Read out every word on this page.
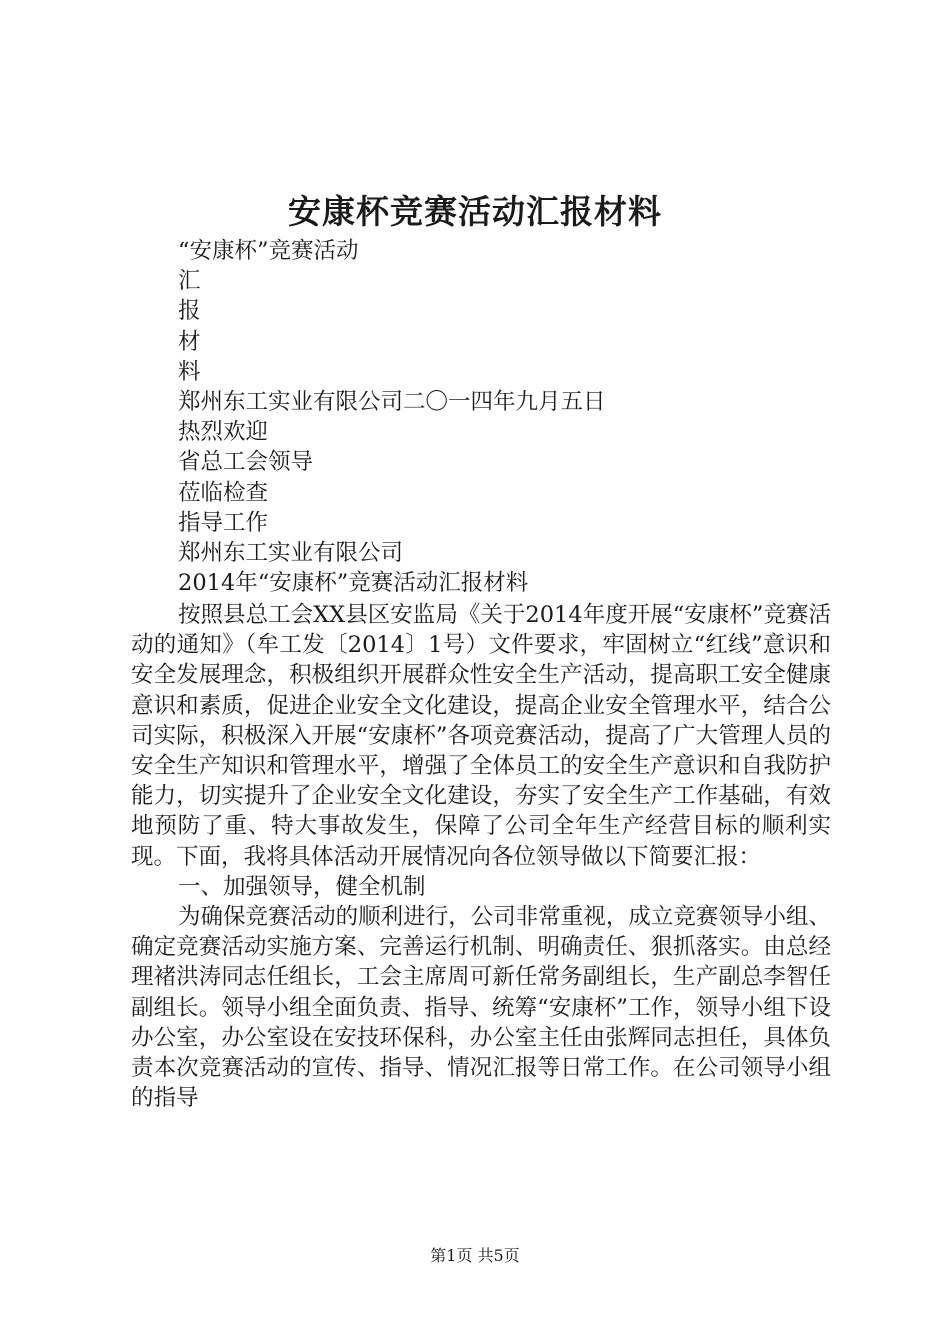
安康杯竞赛活动汇报材料
“安康杯”竞赛活动
汇
报
材
料
郑州东工实业有限公司二〇一四年九月五日
热烈欢迎
省总工会领导
莅临检查
指导工作
郑州东工实业有限公司
2014年“安康杯”竞赛活动汇报材料

按照县总工会XX县区安监局《关于2014年度开展“安康杯”竞赛活动的通知》（牟工发〔2014〕1号）文件要求，牢固树立“红线”意识和安全发展理念，积极组织开展群众性安全生产活动，提高职工安全健康意识和素质，促进企业安全文化建设，提高企业安全管理水平，结合公司实际，积极深入开展“安康杯”各项竞赛活动，提高了广大管理人员的安全生产知识和管理水平，增强了全体员工的安全生产意识和自我防护能力，切实提升了企业安全文化建设，夯实了安全生产工作基础，有效地预防了重、特大事故发生，保障了公司全年生产经营目标的顺利实现。下面，我将具体活动开展情况向各位领导做以下简要汇报：

一、加强领导，健全机制

为确保竞赛活动的顺利进行，公司非常重视，成立竞赛领导小组、确定竞赛活动实施方案、完善运行机制、明确责任、狠抓落实。由总经理褚洪涛同志任组长，工会主席周可新任常务副组长，生产副总李智任副组长。领导小组全面负责、指导、统筹“安康杯”工作，领导小组下设办公室，办公室设在安技环保科，办公室主任由张辉同志担任，具体负责本次竞赛活动的宣传、指导、情况汇报等日常工作。在公司领导小组的指导

第1页 共5页
